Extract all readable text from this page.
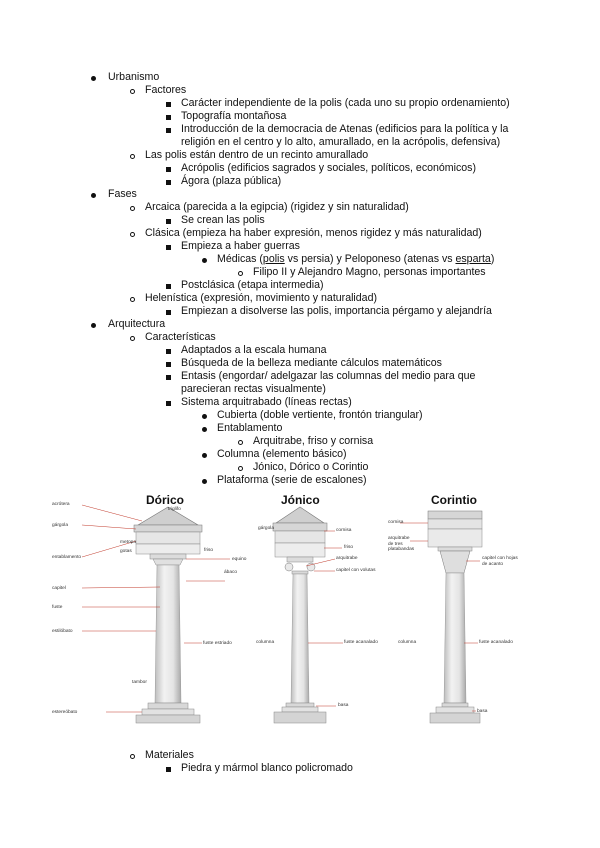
Urbanismo
Factores
Carácter independiente de la polis (cada uno su propio ordenamiento)
Topografía montañosa
Introducción de la democracia de Atenas (edificios para la política y la
religión en el centro y lo alto, amurallado, en la acrópolis, defensiva)
Las polis están dentro de un recinto amurallado
Acrópolis (edificios sagrados y sociales, políticos, económicos)
Ágora (plaza pública)
Fases
Arcaica (parecida a la egipcia) (rigidez y sin naturalidad)
Se crean las polis
Clásica (empieza ha haber expresión, menos rigidez y más naturalidad)
Empieza a haber guerras
Médicas (polis vs persia) y Peloponeso (atenas vs esparta)
Filipo II y Alejandro Magno, personas importantes
Postclásica (etapa intermedia)
Helenística (expresión, movimiento y naturalidad)
Empiezan a disolverse las polis, importancia pérgamo y alejandría
Arquitectura
Características
Adaptados a la escala humana
Búsqueda de la belleza mediante cálculos matemáticos
Entasis (engordar/ adelgazar las columnas del medio para que
parecieran rectas visualmente)
Sistema arquitrabado (líneas rectas)
Cubierta (doble vertiente, frontón triangular)
Entablamento
Arquitrabe, friso y cornisa
Columna (elemento básico)
Jónico, Dórico o Corintio
Plataforma (serie de escalones)
Dórico	Jónico	Corintio
acrótera
gárgola
entablamento
triglifo
metopa
friso
gotas
equino
ábaco
capitel
fuste
fuste estriado
tambor
estilóbato
estereóbato
gárgola	cornisa
friso
arquitrabe
capitel con volutas
columna	fuste acanalado
basa
cornisa
arquitrabe de tres platabandas
capitel con hojas de acanto
columna	fuste acanalado
basa
Materiales
Piedra y mármol blanco policromado
